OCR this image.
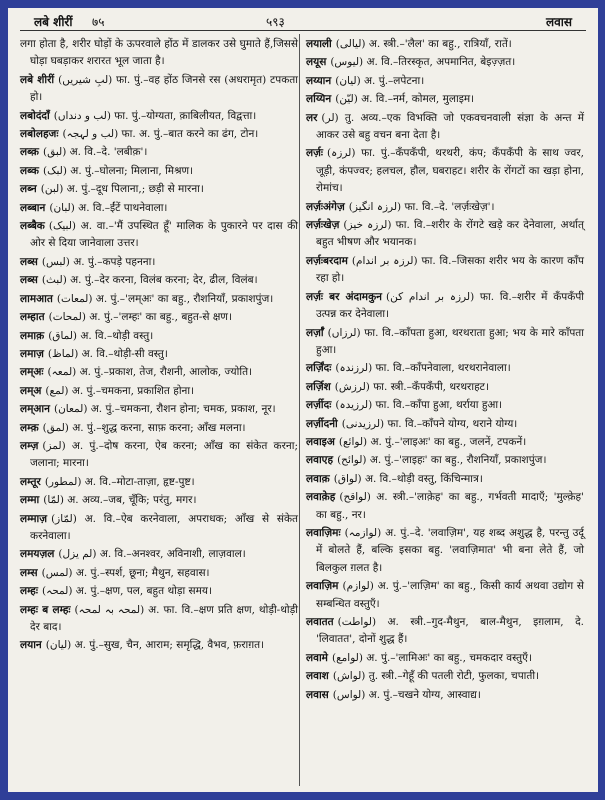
लबे शीरीं ७५	५९३	लवास
लगा होता है, शरीर घोड़ों के ऊपरवाले होंठ में डालकर उसे घुमाते हैं,जिससे घोड़ा घबड़ाकर शरारत भूल जाता है।
लबे शीरीं (لبِ شیریں) फा. पुं.–वह होंठ जिनसे रस (अधरामृत) टपकता हो।
लबोदंदाँ (لب و دنداں) फा. पुं.–योग्यता, क़ाबिलीयत, विद्वत्ता।
लबोलहजः (لب و لہجہ) फा. अ. पुं.–बात करने का ढंग, टोन।
लब्क़ (لبق) अ. वि.–दे. 'लबीक़'।
लब्क (لبک) अ. पुं.–घोलना; मिलाना, मिश्रण।
लब्न (لبن) अ. पुं.–दूध पिलाना,; छड़ी से मारना।
लब्बान (لبان) अ. वि.–ईंटें पाथनेवाला।
लब्बैक (لبیک) अ. वा.–'मैं उपस्थित हूँ' मालिक के पुकारने पर दास की ओर से दिया जानेवाला उत्तर।
लब्स (لبس) अ. पुं.–कपड़े पहनना।
लब्स (لبث) अ. पुं.–देर करना, विलंब करना; देर, ढील, विलंब।
लामआत (لمعات) अ. पुं.–'लम्अः' का बहु., रौशनियाँ, प्रकाशपुंज।
लम्हात (لمحات) अ. पुं.–'लम्हः' का बहु., बहुत-से क्षण।
लमाक़ (لماق) अ. वि.–थोड़ी वस्तु।
लमाज़ (لماظ) अ. वि.–थोड़ी-सी वस्तु।
लम्अः (لمعہ) अ. पुं.–प्रकाश, तेज, रौशनी, आलोक, ज्योति।
लम्अ (لمع) अ. पुं.–चमकना, प्रकाशित होना।
लम्आन (لمعان) अ. पुं.–चमकना, रौशन होना; चमक, प्रकाश, नूर।
लम्क़ (لمق) अ. पुं.–शुद्ध करना, साफ़ करना; आँख मलना।
लम्ज़ (لمز) अ. पुं.–दोष करना, ऐब करना; आँख का संकेत करना; जलाना; मारना।
लम्तूर (لمطور) अ. वि.–मोटा-ताज़ा, हृष्ट-पुष्ट।
लम्मा (لمّا) अ. अव्य.–जब, चूँकि; परंतु, मगर।
लम्माज़ (لمّاز) अ. वि.–ऐब करनेवाला, अपराधक; आँख से संकेत करनेवाला।
लमयज़ल (لم یزل) अ. वि.–अनश्वर, अविनाशी, लाज़वाल।
लम्स (لمس) अ. पुं.–स्पर्श, छूना; मैथुन, सहवास।
लम्हः (لمحہ) अ. पुं.–क्षण, पल, बहुत थोड़ा समय।
लम्हः ब लम्हः (لمحہ بہ لمحہ) अ. फा. वि.–क्षण प्रति क्षण, थोड़ी-थोड़ी देर बाद।
लयान (لیان) अ. पुं.–सुख, चैन, आराम; समृद्धि, वैभव, फ़राग़त।
लयाली (لیالی) अ. स्त्री.–'लैल' का बहु., रात्रियाँ, रातें।
लयूस (لیوس) अ. वि.–तिरस्कृत, अपमानित, बेइज़्ज़त।
लय्यान (لیان) अ. पुं.–लपेटना।
लय्यिन (لیّن) अ. वि.–नर्म, कोमल, मुलाइम।
लर (لر) तु. अव्य.–एक विभक्ति जो एकवचनवाली संज्ञा के अन्त में आकर उसे बहु वचन बना देता है।
लर्ज़ः (لرزہ) फा. पुं.–कँपकँपी, थरथरी, कंप; कँपकँपी के साथ ज्वर, जूड़ी, कंपज्वर; हलचल, हौल, घबराहट। शरीर के रोंगटों का खड़ा होना, रोमांच।
लर्ज़ःअंगेज़ (لرزہ انگیز) फा. वि.–दे. 'लर्ज़ःखेज़'।
लर्ज़ःखेज़ (لرزہ خیز) फा. वि.–शरीर के रोंगटे खड़े कर देनेवाला, अर्थात् बहुत भीषण और भयानक।
लर्ज़ःबरदाम (لرزہ بر اندام) फा. वि.–जिसका शरीर भय के कारण काँप रहा हो।
लर्ज़ः बर अंदामकुन (لرزہ بر اندام کن) फा. वि.–शरीर में कँपकँपी उत्पन्न कर देनेवाला।
लर्ज़ाँ (لرزاں) फा. वि.–काँपता हुआ, थरथराता हुआ; भय के मारे काँपता हुआ।
लर्ज़िंदः (لرزندہ) फा. वि.–काँपनेवाला, थरथरानेवाला।
लर्ज़िश (لرزش) फा. स्त्री.–कँपकँपी, थरथराहट।
लर्ज़ीदः (لرزیدہ) फा. वि.–काँपा हुआ, थर्राया हुआ।
लर्ज़ीदनी (لرزیدنی) फा. वि.–काँपने योग्य, थराने योग्य।
लवाइअ (لوائع) अ. पुं.–'लाइअः' का बहु., जलनें, टपकनें।
लवाएह (لوائح) अ. पुं.–'लाइहः' का बहु., रौशनियाँ, प्रकाशपुंज।
लवाक़ (لواق) अ. वि.–थोड़ी वस्तु, किंचिन्मात्र।
लवाक़ेह (لواقح) अ. स्त्री.–'लाक़ेह' का बहु., गर्भवती मादाएँ; 'मुल्क़ेह' का बहु., नर।
लवाज़िमः (لوازمہ) अ. पुं.–दे. 'लवाज़िम', यह शब्द अशुद्ध है, परन्तु उर्दू में बोलते हैं, बल्कि इसका बहु. 'लवाज़िमात' भी बना लेते हैं, जो बिलकुल ग़लत है।
लवाज़िम (لوازم) अ. पुं.–'लाज़िम' का बहु., किसी कार्य अथवा उद्योग से सम्बन्धित वस्तुएँ।
लवातत (لواطت) अ. स्त्री.–गुद-मैथुन, बाल-मैथुन, इग़लाम, दे. 'लिवातत', दोनों शुद्ध हैं।
लवामे (لوامع) अ. पुं.–'लामिअः' का बहु., चमकदार वस्तुएँ।
लवाश (لواش) तु. स्त्री.–गेहूँ की पतली रोटी, फुलका, चपाती।
लवास (لواس) अ. पुं.–चखने योग्य, आस्वाद्य।
